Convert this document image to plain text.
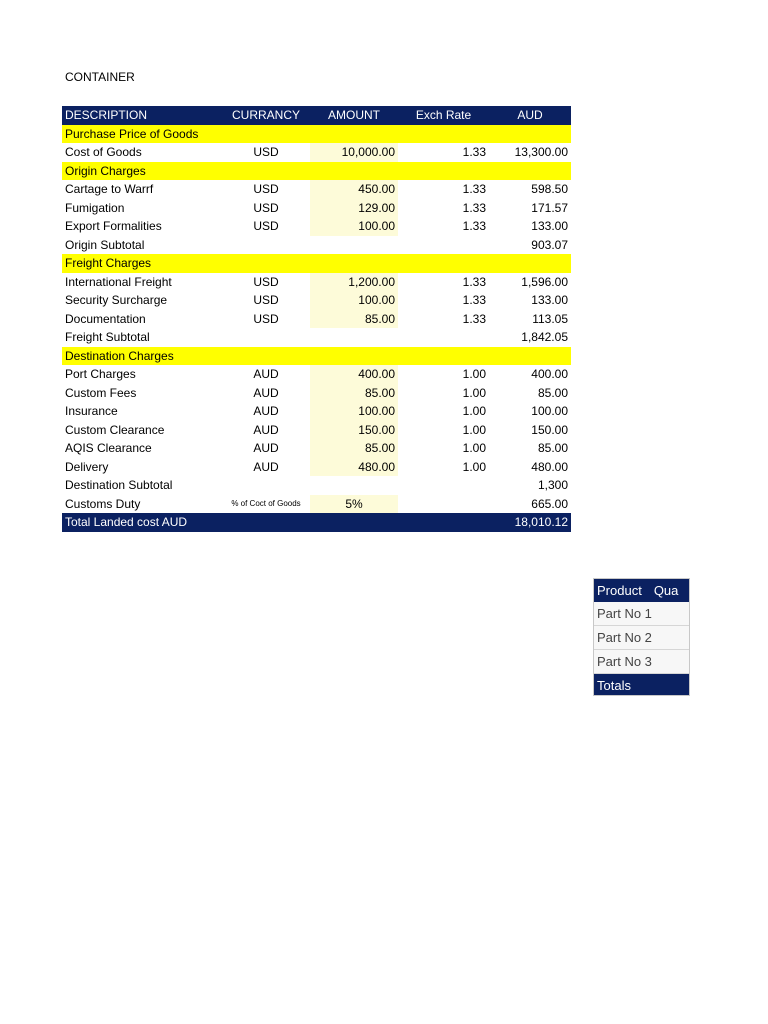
CONTAINER
DESCRIPTION	CURRANCY	AMOUNT	Exch Rate	AUD
Purchase Price of Goods				
Cost of Goods	USD	10,000.00	1.33	13,300.00
Origin Charges				
Cartage to Warrf	USD	450.00	1.33	598.50
Fumigation	USD	129.00	1.33	171.57
Export Formalities	USD	100.00	1.33	133.00
Origin Subtotal				903.07
Freight Charges				
International Freight	USD	1,200.00	1.33	1,596.00
Security Surcharge	USD	100.00	1.33	133.00
Documentation	USD	85.00	1.33	113.05
Freight Subtotal				1,842.05
Destination Charges				
Port Charges	AUD	400.00	1.00	400.00
Custom Fees	AUD	85.00	1.00	85.00
Insurance	AUD	100.00	1.00	100.00
Custom Clearance	AUD	150.00	1.00	150.00
AQIS Clearance	AUD	85.00	1.00	85.00
Delivery	AUD	480.00	1.00	480.00
Destination Subtotal				1,300
Customs Duty	% of Coct of Goods	5%		665.00
Total Landed cost AUD				18,010.12
Product Qua
Part No 1
Part No 2
Part No 3
Totals
